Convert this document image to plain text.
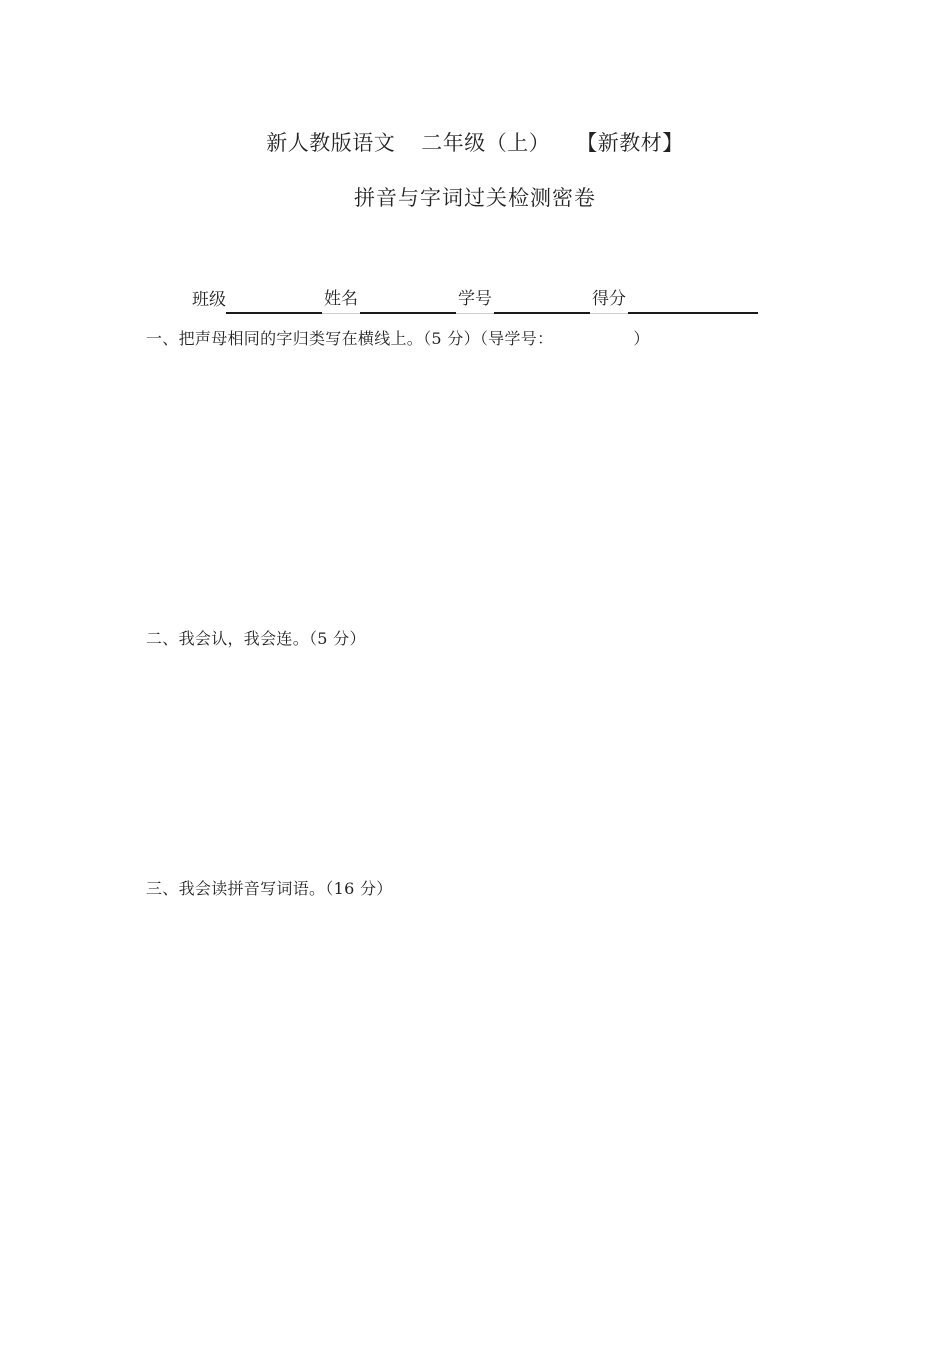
新人教版语文 二年级（上） 【新教材】
拼音与字词过关检测密卷
班级	姓名	学号	得分
一、把声母相同的字归类写在横线上。（5 分）（导学号：	）
二、我会认，我会连。（5 分）
三、我会读拼音写词语。（16 分）
